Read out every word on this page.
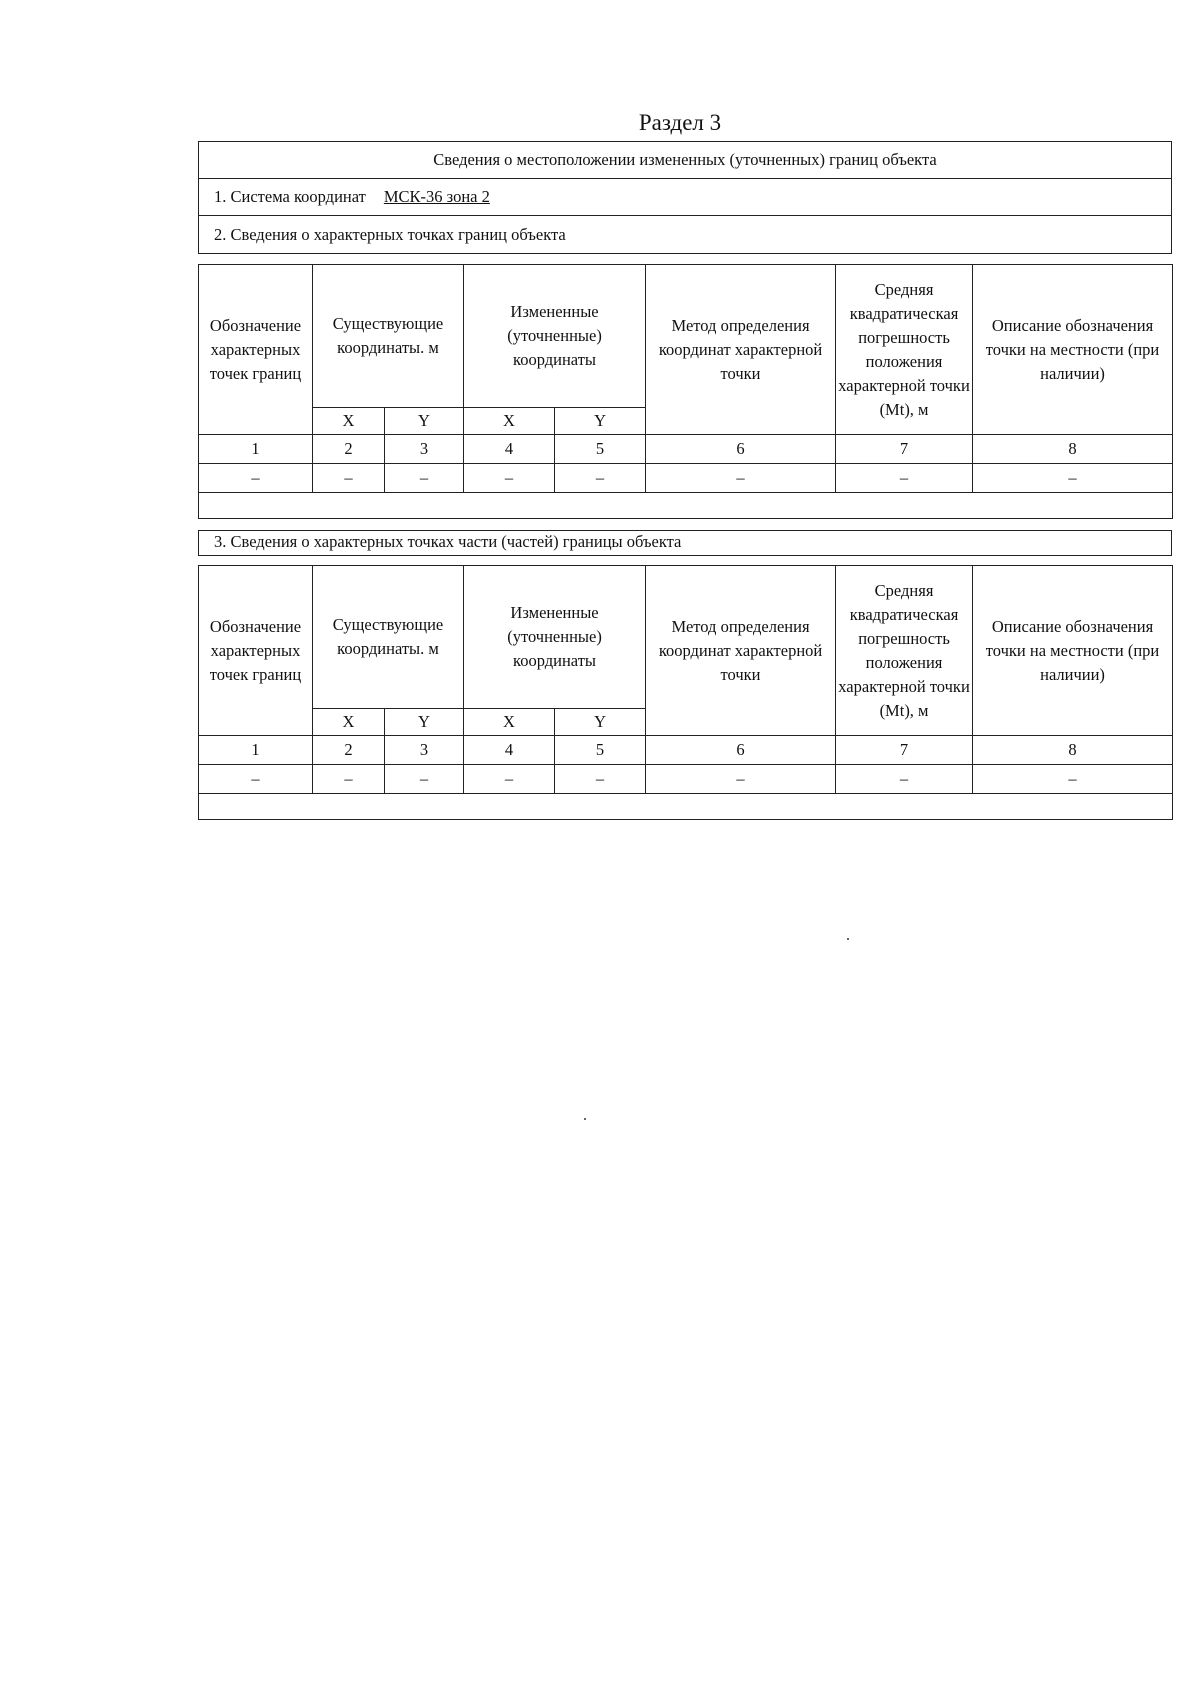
Раздел 3
Сведения о местоположении измененных (уточненных) границ объекта
1. Система координат МСК-36 зона 2
2. Сведения о характерных точках границ объекта
Обозначение характерных точек границ	Существующие координаты. м		Измененные (уточненные) координаты		Метод определения координат характерной точки	Средняя квадратическая погрешность положения характерной точки (Mt), м	Описание обозначения точки на местности (при наличии)
	X	Y	X	Y			
1	2	3	4	5	6	7	8
–	–	–	–	–	–	–	–

3. Сведения о характерных точках части (частей) границы объекта
Обозначение характерных точек границ	Существующие координаты. м		Измененные (уточненные) координаты		Метод определения координат характерной точки	Средняя квадратическая погрешность положения характерной точки (Mt), м	Описание обозначения точки на местности (при наличии)
	X	Y	X	Y			
1	2	3	4	5	6	7	8
–	–	–	–	–	–	–	–
